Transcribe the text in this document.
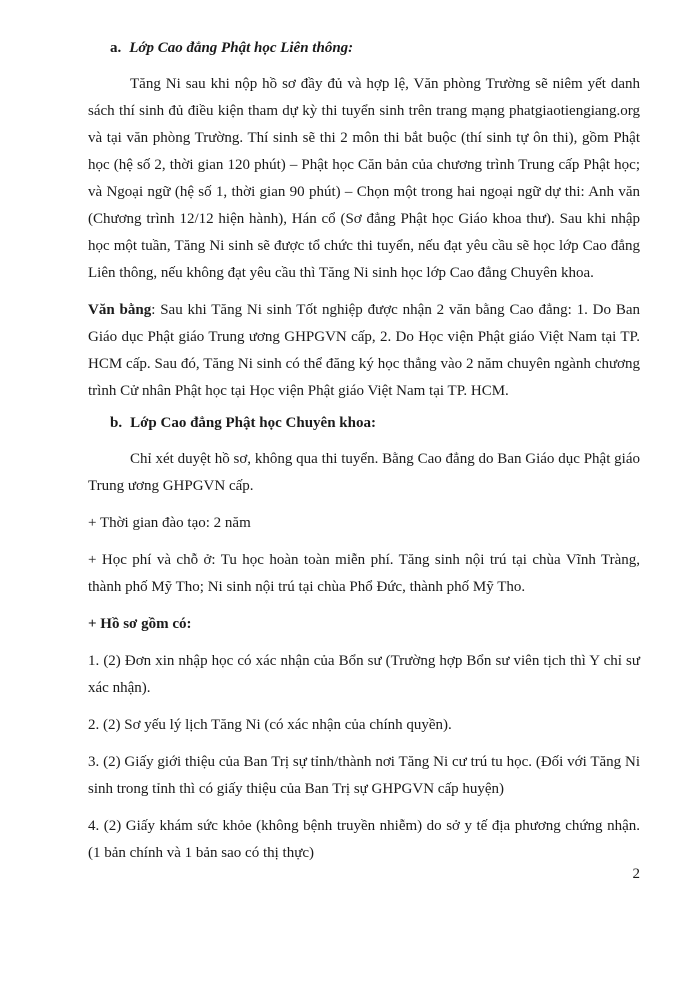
a. Lớp Cao đẳng Phật học Liên thông:

Tăng Ni sau khi nộp hồ sơ đầy đủ và hợp lệ, Văn phòng Trường sẽ niêm yết danh sách thí sinh đủ điều kiện tham dự kỳ thi tuyển sinh trên trang mạng phatgiaotiengiang.org và tại văn phòng Trường. Thí sinh sẽ thi 2 môn thi bắt buộc (thí sinh tự ôn thi), gồm Phật học (hệ số 2, thời gian 120 phút) – Phật học Căn bản của chương trình Trung cấp Phật học; và Ngoại ngữ (hệ số 1, thời gian 90 phút) – Chọn một trong hai ngoại ngữ dự thi: Anh văn (Chương trình 12/12 hiện hành), Hán cổ (Sơ đẳng Phật học Giáo khoa thư). Sau khi nhập học một tuần, Tăng Ni sinh sẽ được tổ chức thi tuyển, nếu đạt yêu cầu sẽ học lớp Cao đẳng Liên thông, nếu không đạt yêu cầu thì Tăng Ni sinh học lớp Cao đẳng Chuyên khoa.

Văn bằng: Sau khi Tăng Ni sinh Tốt nghiệp được nhận 2 văn bằng Cao đẳng: 1. Do Ban Giáo dục Phật giáo Trung ương GHPGVN cấp, 2. Do Học viện Phật giáo Việt Nam tại TP. HCM cấp. Sau đó, Tăng Ni sinh có thể đăng ký học thẳng vào 2 năm chuyên ngành chương trình Cử nhân Phật học tại Học viện Phật giáo Việt Nam tại TP. HCM.

b. Lớp Cao đẳng Phật học Chuyên khoa:

Chỉ xét duyệt hồ sơ, không qua thi tuyển. Bằng Cao đẳng do Ban Giáo dục Phật giáo Trung ương GHPGVN cấp.

+ Thời gian đào tạo: 2 năm

+ Học phí và chỗ ở: Tu học hoàn toàn miễn phí. Tăng sinh nội trú tại chùa Vĩnh Tràng, thành phố Mỹ Tho; Ni sinh nội trú tại chùa Phổ Đức, thành phố Mỹ Tho.

+ Hồ sơ gồm có:

1. (2) Đơn xin nhập học có xác nhận của Bổn sư (Trường hợp Bổn sư viên tịch thì Y chỉ sư xác nhận).

2. (2) Sơ yếu lý lịch Tăng Ni (có xác nhận của chính quyền).

3. (2) Giấy giới thiệu của Ban Trị sự tỉnh/thành nơi Tăng Ni cư trú tu học. (Đối với Tăng Ni sinh trong tỉnh thì có giấy thiệu của Ban Trị sự GHPGVN cấp huyện)

4. (2) Giấy khám sức khỏe (không bệnh truyền nhiễm) do sở y tế địa phương chứng nhận. (1 bản chính và 1 bản sao có thị thực)

2
